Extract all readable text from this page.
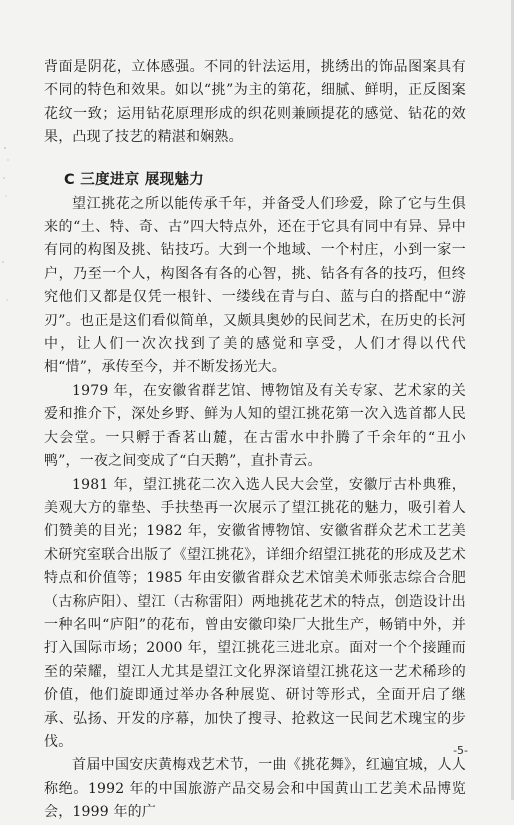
背面是阴花，立体感强。不同的针法运用，挑绣出的饰品图案具有不同的特色和效果。如以“挑”为主的第花，细腻、鲜明，正反图案花纹一致；运用钻花原理形成的织花则兼顾提花的感觉、钻花的效果，凸现了技艺的精湛和娴熟。

C 三度进京 展现魅力

望江挑花之所以能传承千年，并备受人们珍爱，除了它与生俱来的“土、特、奇、古”四大特点外，还在于它具有同中有异、异中有同的构图及挑、钻技巧。大到一个地域、一个村庄，小到一家一户，乃至一个人，构图各有各的心智，挑、钻各有各的技巧，但终究他们又都是仅凭一根针、一缕线在青与白、蓝与白的搭配中“游刃”。也正是这们看似简单，又颇具奥妙的民间艺术，在历史的长河中，让人们一次次找到了美的感觉和享受，人们才得以代代相“惜”，承传至今，并不断发扬光大。

1979 年，在安徽省群艺馆、博物馆及有关专家、艺术家的关爱和推介下，深处乡野、鲜为人知的望江挑花第一次入选首都人民大会堂。一只孵于香茗山麓，在古雷水中扑腾了千余年的“丑小鸭”，一夜之间变成了“白天鹅”，直扑青云。

1981 年，望江挑花二次入选人民大会堂，安徽厅古朴典雅，美观大方的靠垫、手扶垫再一次展示了望江挑花的魅力，吸引着人们赞美的目光；1982 年，安徽省博物馆、安徽省群众艺术工艺美术研究室联合出版了《望江挑花》，详细介绍望江挑花的形成及艺术特点和价值等；1985 年由安徽省群众艺术馆美术师张志综合合肥（古称庐阳）、望江（古称雷阳）两地挑花艺术的特点，创造设计出一种名叫“庐阳”的花布，曾由安徽印染厂大批生产，畅销中外，并打入国际市场；2000 年，望江挑花三进北京。面对一个个接踵而至的荣耀，望江人尤其是望江文化界深谙望江挑花这一艺术稀珍的价值，他们旋即通过举办各种展览、研讨等形式，全面开启了继承、弘扬、开发的序幕，加快了搜寻、抢救这一民间艺术瑰宝的步伐。

首届中国安庆黄梅戏艺术节，一曲《挑花舞》，红遍宜城，人人称绝。1992 年的中国旅游产品交易会和中国黄山工艺美术品博览会，1999 年的广

-5-
